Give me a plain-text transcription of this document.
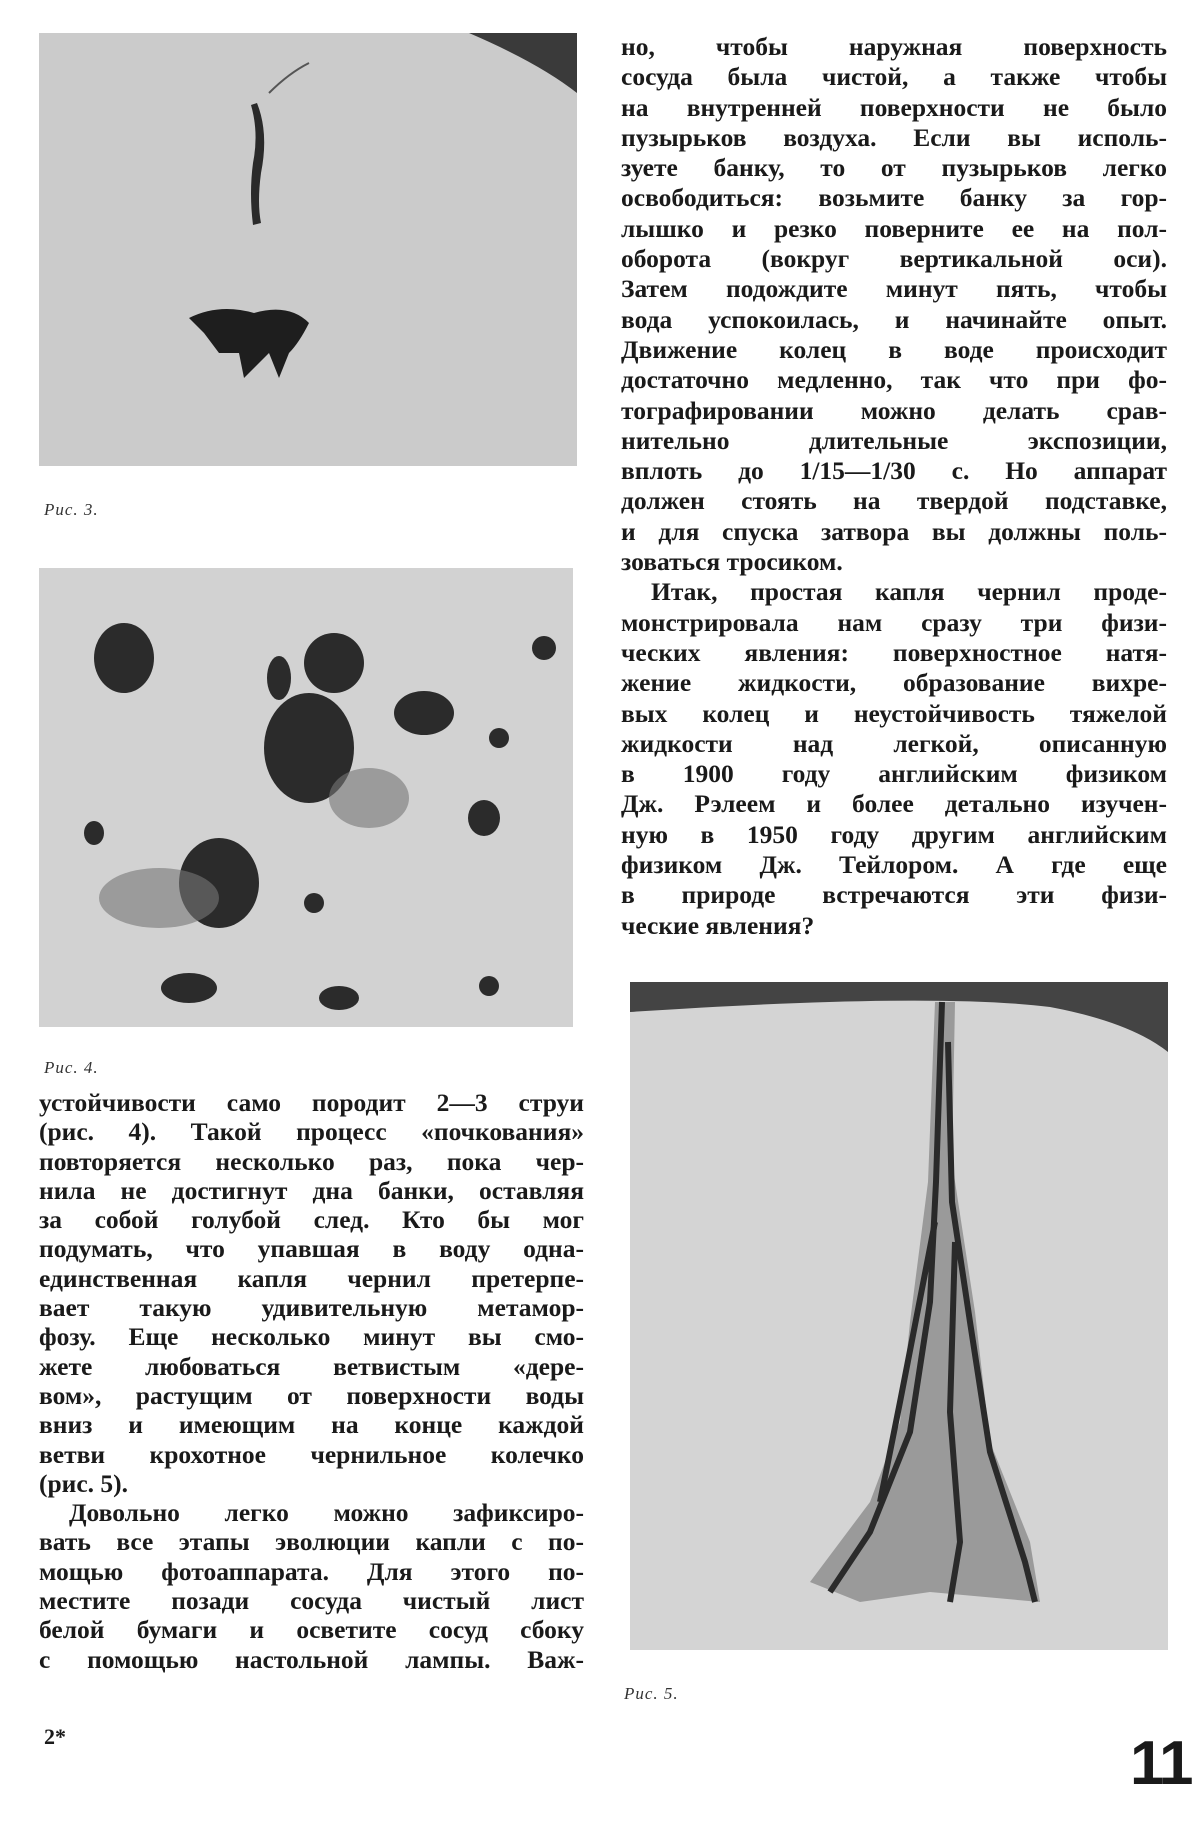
Рис. 3.
Рис. 4.
Рис. 5.
но, чтобы наружная поверхность
сосуда была чистой, а также чтобы
на внутренней поверхности не было
пузырьков воздуха. Если вы исполь-
зуете банку, то от пузырьков легко
освободиться: возьмите банку за гор-
лышко и резко поверните ее на пол-
оборота (вокруг вертикальной оси).
Затем подождите минут пять, чтобы
вода успокоилась, и начинайте опыт.
Движение колец в воде происходит
достаточно медленно, так что при фо-
тографировании можно делать срав-
нительно длительные экспозиции,
вплоть до 1/15—1/30 с. Но аппарат
должен стоять на твердой подставке,
и для спуска затвора вы должны поль-
зоваться тросиком.
Итак, простая капля чернил проде-
монстрировала нам сразу три физи-
ческих явления: поверхностное натя-
жение жидкости, образование вихре-
вых колец и неустойчивость тяжелой
жидкости над легкой, описанную
в 1900 году английским физиком
Дж. Рэлеем и более детально изучен-
ную в 1950 году другим английским
физиком Дж. Тейлором. А где еще
в природе встречаются эти физи-
ческие явления?
устойчивости само породит 2—3 струи
(рис. 4). Такой процесс «почкования»
повторяется несколько раз, пока чер-
нила не достигнут дна банки, оставляя
за собой голубой след. Кто бы мог
подумать, что упавшая в воду одна-
единственная капля чернил претерпе-
вает такую удивительную метамор-
фозу. Еще несколько минут вы смо-
жете любоваться ветвистым «дере-
вом», растущим от поверхности воды
вниз и имеющим на конце каждой
ветви крохотное чернильное колечко
(рис. 5).
Довольно легко можно зафиксиро-
вать все этапы эволюции капли с по-
мощью фотоаппарата. Для этого по-
местите позади сосуда чистый лист
белой бумаги и осветите сосуд сбоку
с помощью настольной лампы. Важ-
2*	11
